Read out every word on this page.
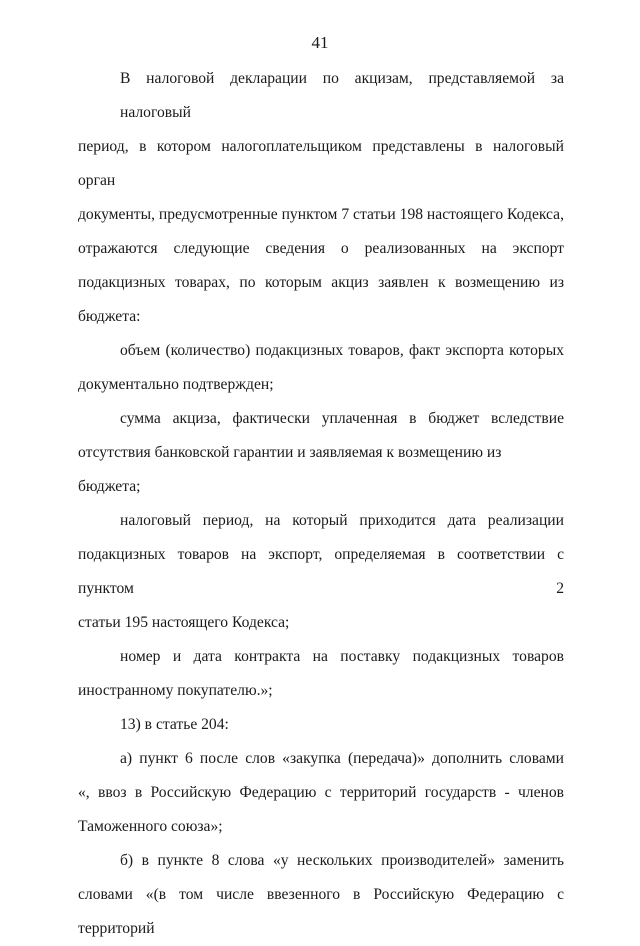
41
В налоговой декларации по акцизам, представляемой за налоговый
период, в котором налогоплательщиком представлены в налоговый орган
документы, предусмотренные пунктом 7 статьи 198 настоящего Кодекса,
отражаются следующие сведения о реализованных на экспорт
подакцизных товарах, по которым акциз заявлен к возмещению из
бюджета:
объем (количество) подакцизных товаров, факт экспорта которых
документально подтвержден;
сумма акциза, фактически уплаченная в бюджет вследствие
отсутствия банковской гарантии и заявляемая к возмещению из бюджета;
налоговый период, на который приходится дата реализации
подакцизных товаров на экспорт, определяемая в соответствии с пунктом 2
статьи 195 настоящего Кодекса;
номер и дата контракта на поставку подакцизных товаров
иностранному покупателю.»;
13) в статье 204:
а) пункт 6 после слов «закупка (передача)» дополнить словами
«, ввоз в Российскую Федерацию с территорий государств - членов
Таможенного союза»;
б) в пункте 8 слова «у нескольких производителей» заменить
словами «(в том числе ввезенного в Российскую Федерацию с территорий
